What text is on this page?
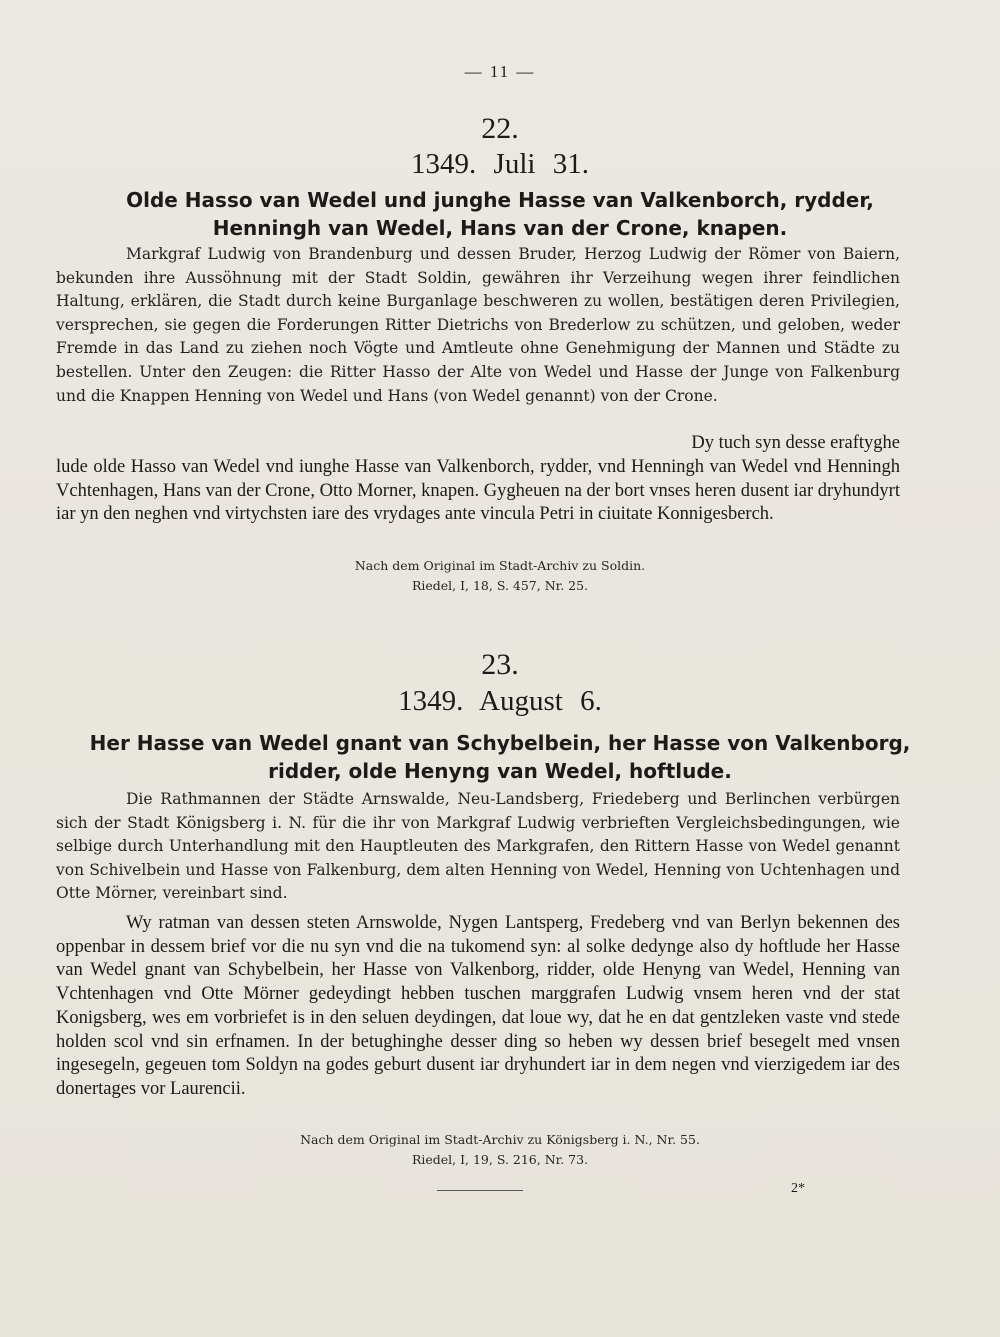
— 11 —
22.
1349. Juli 31.
Olde Hasso van Wedel und junghe Hasse van Valkenborch, rydder,
Henningh van Wedel, Hans van der Crone, knapen.

Markgraf Ludwig von Brandenburg und dessen Bruder, Herzog Ludwig der Römer von Baiern, bekunden ihre Aussöhnung mit der Stadt Soldin, gewähren ihr Verzeihung wegen ihrer feindlichen Haltung, erklären, die Stadt durch keine Burganlage beschweren zu wollen, bestätigen deren Privilegien, versprechen, sie gegen die Forderungen Ritter Dietrichs von Brederlow zu schützen, und geloben, weder Fremde in das Land zu ziehen noch Vögte und Amtleute ohne Genehmigung der Mannen und Städte zu bestellen. Unter den Zeugen: die Ritter Hasso der Alte von Wedel und Hasse der Junge von Falkenburg und die Knappen Henning von Wedel und Hans (von Wedel genannt) von der Crone.

Dy tuch syn desse eraftyghe

lude olde Hasso van Wedel vnd iunghe Hasse van Valkenborch, rydder, vnd Henningh van Wedel vnd Henningh Vchtenhagen, Hans van der Crone, Otto Morner, knapen. Gygheuen na der bort vnses heren dusent iar dryhundyrt iar yn den neghen vnd virtychsten iare des vrydages ante vincula Petri in ciuitate Konnigesberch.

Nach dem Original im Stadt-Archiv zu Soldin.
Riedel, I, 18, S. 457, Nr. 25.
23.
1349. August 6.
Her Hasse van Wedel gnant van Schybelbein, her Hasse von Valkenborg,
ridder, olde Henyng van Wedel, hoftlude.

Die Rathmannen der Städte Arnswalde, Neu-Landsberg, Friedeberg und Berlinchen verbürgen sich der Stadt Königsberg i. N. für die ihr von Markgraf Ludwig verbrieften Vergleichsbedingungen, wie selbige durch Unterhandlung mit den Hauptleuten des Markgrafen, den Rittern Hasse von Wedel genannt von Schivelbein und Hasse von Falkenburg, dem alten Henning von Wedel, Henning von Uchtenhagen und Otte Mörner, vereinbart sind.

Wy ratman van dessen steten Arnswolde, Nygen Lantsperg, Fredeberg vnd van Berlyn bekennen des oppenbar in dessem brief vor die nu syn vnd die na tukomend syn: al solke dedynge also dy hoftlude her Hasse van Wedel gnant van Schybelbein, her Hasse von Valkenborg, ridder, olde Henyng van Wedel, Henning van Vchtenhagen vnd Otte Mörner gedeydingt hebben tuschen marggrafen Ludwig vnsem heren vnd der stat Konigsberg, wes em vorbriefet is in den seluen deydingen, dat loue wy, dat he en dat gentzleken vaste vnd stede holden scol vnd sin erfnamen. In der betughinghe desser ding so heben wy dessen brief besegelt med vnsen ingesegeln, gegeuen tom Soldyn na godes geburt dusent iar dryhundert iar in dem negen vnd vierzigedem iar des donertages vor Laurencii.

Nach dem Original im Stadt-Archiv zu Königsberg i. N., Nr. 55.
Riedel, I, 19, S. 216, Nr. 73.
2*
